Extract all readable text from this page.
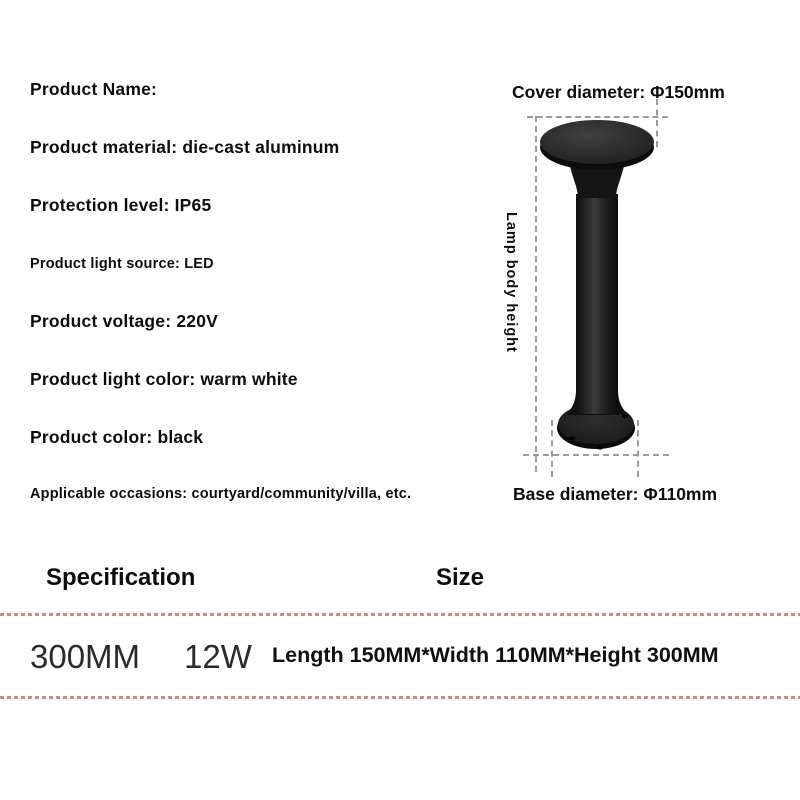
Product Name:
Product material: die-cast aluminum
Protection level: IP65
Product light source: LED
Product voltage: 220V
Product light color: warm white
Product color: black
Applicable occasions: courtyard/community/villa, etc.
Cover diameter: Φ150mm
Lamp body height
Base diameter: Φ110mm
Specification	Size
300MM 12W Length 150MM*Width 110MM*Height 300MM
